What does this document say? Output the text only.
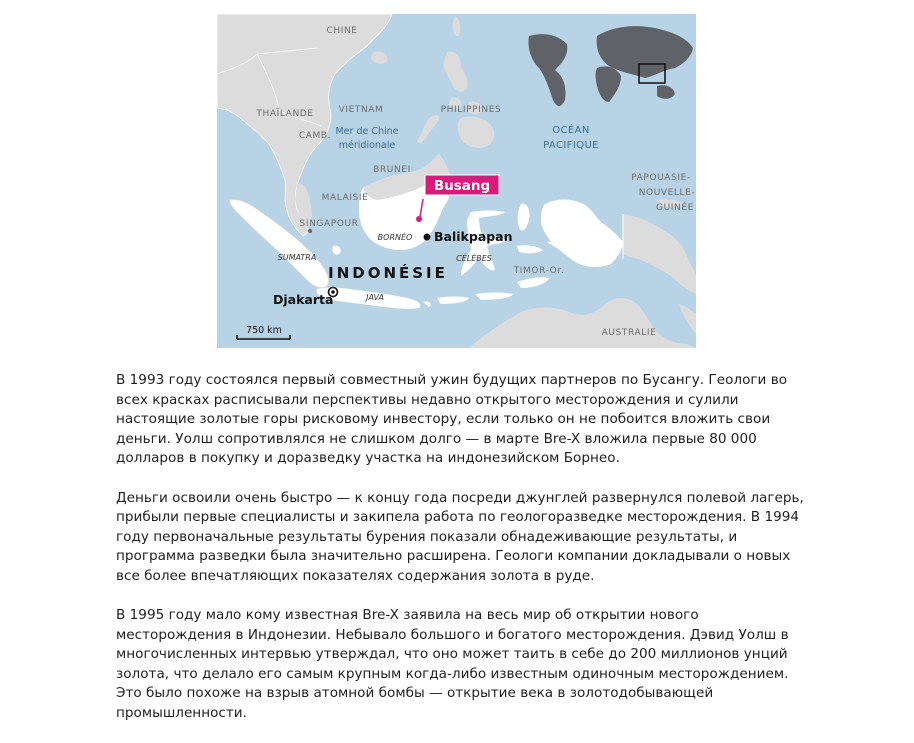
CHINE
THAÏLANDE	VIETNAM	PHILIPPINES
CAMB. Mer de Chine
méridionale
OCÉAN
PACIFIQUE
BRUNEI
MALAISIE
SINGAPOUR
BORNÉO Balikpapan
Busang	PAPOUASIE-
NOUVELLE-
GUINÉE
SUMATRA
INDONÉSIE
CÉLÈBES
TIMOR-Or.
Djakarta	JAVA
AUSTRALIE
750 km

В 1993 году состоялся первый совместный ужин будущих партнеров по Бусангу. Геологи во всех красках расписывали перспективы недавно открытого месторождения и сулили настоящие золотые горы рисковому инвестору, если только он не побоится вложить свои деньги. Уолш сопротивлялся не слишком долго — в марте Bre-X вложила первые 80 000 долларов в покупку и доразведку участка на индонезийском Борнео.

Деньги освоили очень быстро — к концу года посреди джунглей развернулся полевой лагерь, прибыли первые специалисты и закипела работа по геологоразведке месторождения. В 1994 году первоначальные результаты бурения показали обнадеживающие результаты, и программа разведки была значительно расширена. Геологи компании докладывали о новых все более впечатляющих показателях содержания золота в руде.

В 1995 году мало кому известная Bre-X заявила на весь мир об открытии нового месторождения в Индонезии. Небывало большого и богатого месторождения. Дэвид Уолш в многочисленных интервью утверждал, что оно может таить в себе до 200 миллионов унций золота, что делало его самым крупным когда-либо известным одиночным месторождением. Это было похоже на взрыв атомной бомбы — открытие века в золотодобывающей промышленности.
